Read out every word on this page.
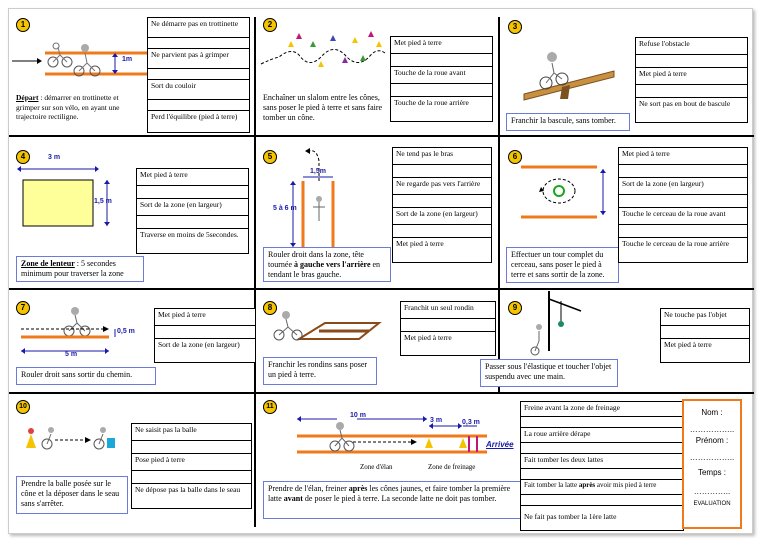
1
1m
Départ : démarrer en trottinette et grimper sur son vélo, en ayant une trajectoire rectiligne.
Ne démarre pas en trottinette
Ne parvient pas à grimper
Sort du couloir
Perd l'équilibre (pied à terre)
2
Enchaîner un slalom entre les cônes, sans poser le pied à terre et sans faire tomber un cône.
Met pied à terre
Touche de la roue avant
Touche de la roue arrière
3
Franchir la bascule, sans tomber.
Refuse l'obstacle
Met pied à terre
Ne sort pas en bout de bascule
4	3 m
1,5 m
Zone de lenteur : 5 secondes minimum pour traverser la zone
Met pied à terre
Sort de la zone (en largeur)
Traverse en moins de 5secondes.
5
1,5m
5 à 6 m
Rouler droit dans la zone, tête tournée à gauche vers l'arrière en tendant le bras gauche.
Ne tend pas le bras
Ne regarde pas vers l'arrière
Sort de la zone (en largeur)
Met pied à terre
6
Effectuer un tour complet du cerceau, sans poser le pied à terre et sans sortir de la zone.
Met pied à terre
Sort de la zone (en largeur)
Touche le cerceau de la roue avant
Touche le cerceau de la roue arrière
7
0,5 m
5 m
Rouler droit sans sortir du chemin.
Met pied à terre
Sort de la zone (en largeur)
8
Franchir les rondins sans poser un pied à terre.
Franchit un seul rondin
Met pied à terre
9
Passer sous l'élastique et toucher l'objet suspendu avec une main.
Ne touche pas l'objet
Met pied à terre
10
Prendre la balle posée sur le cône et la déposer dans le seau sans s'arrêter.
Ne saisit pas la balle
Pose pied à terre
Ne dépose pas la balle dans le seau
11
10 m
3 m	0,3 m
Arrivée
Zone d'élan	Zone de freinage
Prendre de l'élan, freiner après les cônes jaunes, et faire tomber la première latte avant de poser le pied à terre. La seconde latte ne doit pas tomber.
Freine avant la zone de freinage
La roue arrière dérape
Fait tomber les deux lattes
Fait tomber la latte après avoir mis pied à terre
Ne fait pas tomber la 1ère latte
Nom :
……………..
Prénom :
……………..
Temps :
…………..
EVALUATION
